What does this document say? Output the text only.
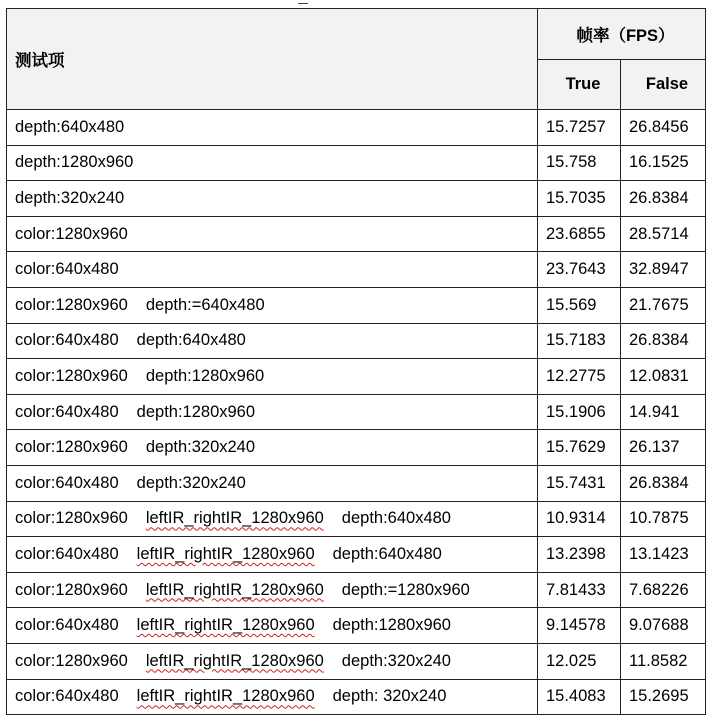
测试项	帧率（FPS）	
	True	False
depth:640x480	15.7257	26.8456
depth:1280x960	15.758	16.1525
depth:320x240	15.7035	26.8384
color:1280x960	23.6855	28.5714
color:640x480	23.7643	32.8947
color:1280x960 depth:=640x480	15.569	21.7675
color:640x480 depth:640x480	15.7183	26.8384
color:1280x960 depth:1280x960	12.2775	12.0831
color:640x480 depth:1280x960	15.1906	14.941
color:1280x960 depth:320x240	15.7629	26.137
color:640x480 depth:320x240	15.7431	26.8384
color:1280x960 leftIR_rightIR_1280x960 depth:640x480	10.9314	10.7875
color:640x480 leftIR_rightIR_1280x960 depth:640x480	13.2398	13.1423
color:1280x960 leftIR_rightIR_1280x960 depth:=1280x960	7.81433	7.68226
color:640x480 leftIR_rightIR_1280x960 depth:1280x960	9.14578	9.07688
color:1280x960 leftIR_rightIR_1280x960 depth:320x240	12.025	11.8582
color:640x480 leftIR_rightIR_1280x960 depth: 320x240	15.4083	15.2695
